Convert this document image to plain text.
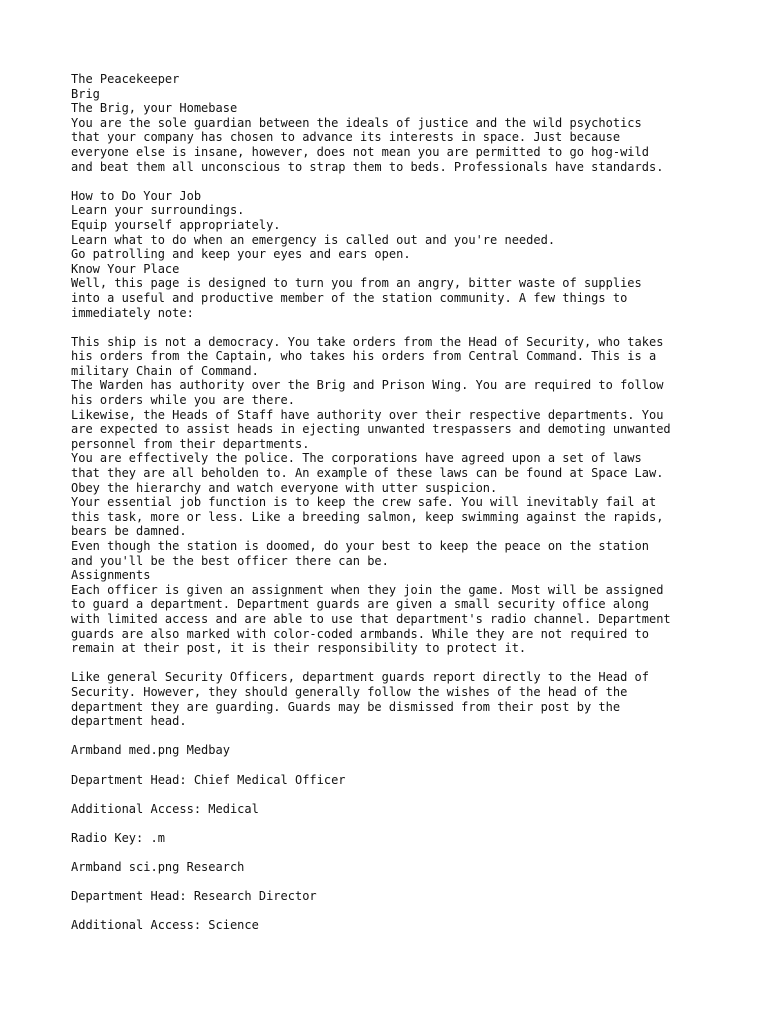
The Peacekeeper
Brig
The Brig, your Homebase
You are the sole guardian between the ideals of justice and the wild psychotics
that your company has chosen to advance its interests in space. Just because
everyone else is insane, however, does not mean you are permitted to go hog-wild
and beat them all unconscious to strap them to beds. Professionals have standards.
How to Do Your Job
Learn your surroundings.
Equip yourself appropriately.
Learn what to do when an emergency is called out and you're needed.
Go patrolling and keep your eyes and ears open.
Know Your Place
Well, this page is designed to turn you from an angry, bitter waste of supplies
into a useful and productive member of the station community. A few things to
immediately note:
This ship is not a democracy. You take orders from the Head of Security, who takes
his orders from the Captain, who takes his orders from Central Command. This is a
military Chain of Command.
The Warden has authority over the Brig and Prison Wing. You are required to follow
his orders while you are there.
Likewise, the Heads of Staff have authority over their respective departments. You
are expected to assist heads in ejecting unwanted trespassers and demoting unwanted
personnel from their departments.
You are effectively the police. The corporations have agreed upon a set of laws
that they are all beholden to. An example of these laws can be found at Space Law.
Obey the hierarchy and watch everyone with utter suspicion.
Your essential job function is to keep the crew safe. You will inevitably fail at
this task, more or less. Like a breeding salmon, keep swimming against the rapids,
bears be damned.
Even though the station is doomed, do your best to keep the peace on the station
and you'll be the best officer there can be.
Assignments
Each officer is given an assignment when they join the game. Most will be assigned
to guard a department. Department guards are given a small security office along
with limited access and are able to use that department's radio channel. Department
guards are also marked with color-coded armbands. While they are not required to
remain at their post, it is their responsibility to protect it.
Like general Security Officers, department guards report directly to the Head of
Security. However, they should generally follow the wishes of the head of the
department they are guarding. Guards may be dismissed from their post by the
department head.
Armband med.png Medbay
Department Head: Chief Medical Officer
Additional Access: Medical
Radio Key: .m
Armband sci.png Research
Department Head: Research Director
Additional Access: Science
